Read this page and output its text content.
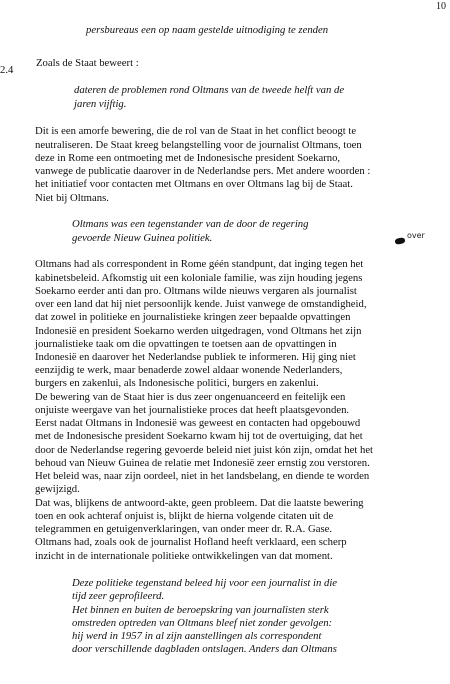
10
2.4
persbureaus een op naam gestelde uitnodiging te zenden
Zoals de Staat beweert :
dateren de problemen rond Oltmans van de tweede helft van de
jaren vijftig.
Dit is een amorfe bewering, die de rol van de Staat in het conflict beoogt te
neutraliseren. De Staat kreeg belangstelling voor de journalist Oltmans, toen
deze in Rome een ontmoeting met de Indonesische president Soekarno,
vanwege de publicatie daarover in de Nederlandse pers. Met andere woorden :
het initiatief voor contacten met Oltmans en over Oltmans lag bij de Staat.
Niet bij Oltmans.
Oltmans was een tegenstander van de door de regering
gevoerde Nieuw Guinea politiek.
Oltmans had als correspondent in Rome géén standpunt, dat inging tegen het
kabinetsbeleid. Afkomstig uit een koloniale familie, was zijn houding jegens
Soekarno eerder anti dan pro. Oltmans wilde nieuws vergaren als journalist
over een land dat hij niet persoonlijk kende. Juist vanwege de omstandigheid,
dat zowel in politieke en journalistieke kringen zeer bepaalde opvattingen
Indonesië en president Soekarno werden uitgedragen, vond Oltmans het zijn
journalistieke taak om die opvattingen te toetsen aan de opvattingen in
Indonesië en daarover het Nederlandse publiek te informeren. Hij ging niet
eenzijdig te werk, maar benaderde zowel aldaar wonende Nederlanders,
burgers en zakenlui, als Indonesische politici, burgers en zakenlui.
De bewering van de Staat hier is dus zeer ongenuanceerd en feitelijk een
onjuiste weergave van het journalistieke proces dat heeft plaatsgevonden.
Eerst nadat Oltmans in Indonesië was geweest en contacten had opgebouwd
met de Indonesische president Soekarno kwam hij tot de overtuiging, dat het
door de Nederlandse regering gevoerde beleid niet juist kón zijn, omdat het het
behoud van Nieuw Guinea de relatie met Indonesië zeer ernstig zou verstoren.
Het beleid was, naar zijn oordeel, niet in het landsbelang, en diende te worden
gewijzigd.
Dat was, blijkens de antwoord-akte, geen probleem. Dat die laatste bewering
toen en ook achteraf onjuist is, blijkt de hierna volgende citaten uit de
telegrammen en getuigenverklaringen, van onder meer dr. R.A. Gase.
Oltmans had, zoals ook de journalist Hofland heeft verklaard, een scherp
inzicht in de internationale politieke ontwikkelingen van dat moment.
Deze politieke tegenstand beleed hij voor een journalist in die
tijd zeer geprofileerd.
Het binnen en buiten de beroepskring van journalisten sterk
omstreden optreden van Oltmans bleef niet zonder gevolgen:
hij werd in 1957 in al zijn aanstellingen als correspondent
door verschillende dagbladen ontslagen. Anders dan Oltmans
over
